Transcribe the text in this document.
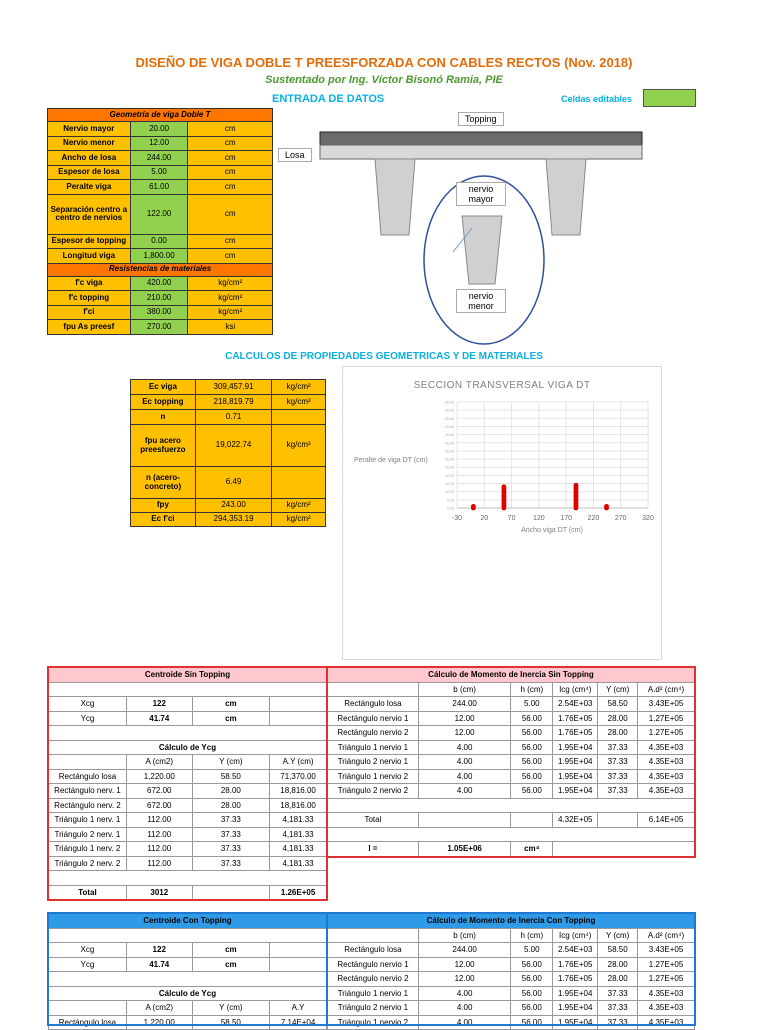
DISEÑO DE VIGA DOBLE T PREESFORZADA CON CABLES RECTOS (Nov. 2018)
Sustentado por Ing. Víctor Bisonó Ramia, PIE
ENTRADA DE DATOS	Celdas editables
Geometría de viga Doble T		
Nervio mayor	20.00	cm
Nervio menor	12.00	cm
Ancho de losa	244.00	cm
Espesor de losa	5.00	cm
Peralte viga	61.00	cm
Separación centro a centro de nervios	122.00	cm
Espesor de topping	0.00	cm
Longitud viga	1,800.00	cm
Resistencias de materiales		
f'c viga	420.00	kg/cm²
f'c topping	210.00	kg/cm²
f'ci	380.00	kg/cm²
fpu As preesf	270.00	ksi
Topping
Losa
nervio mayor
nervio menor
CALCULOS DE PROPIEDADES GEOMETRICAS Y DE MATERIALES
Ec viga	309,457.91	kg/cm²
Ec topping	218,819.79	kg/cm²
n	0.71	
fpu acero preesfuerzo	19,022.74	kg/cm²
n (acero-concreto)	6.49	
fpy	243.00	kg/cm²
Ec f'ci	294,353.19	kg/cm²
SECCION TRANSVERSAL VIGA DT
Peralte de viga DT (cm)
Ancho viga DT (cm)
-30	20	70	120 170 220 270 320
0.00
5.00
10.00
15.00
20.00
25.00
30.00
35.00
40.00
45.00
50.00
55.00
60.00
65.00
Centroide Sin Topping			

Xcg	122	cm	
Ycg	41.74	cm	

Cálculo de Ycg			
	A (cm2)	Y (cm)	A.Y (cm)
Rectángulo losa	1,220.00	58.50	71,370.00
Rectángulo nerv. 1	672.00	28.00	18,816.00
Rectángulo nerv. 2	672.00	28.00	18,816.00
Triángulo 1 nerv. 1	112.00	37.33	4,181.33
Triángulo 2 nerv. 1	112.00	37.33	4,181.33
Triángulo 1 nerv. 2	112.00	37.33	4,181.33
Triángulo 2 nerv. 2	112.00	37.33	4,181.33

Total	3012		1.26E+05
Cálculo de Momento de Inercia Sin Topping					
	b (cm)	h (cm)	Icg (cm⁴)	Y (cm)	A.d² (cm⁴)
Rectángulo losa	244.00	5.00	2.54E+03	58.50	3.43E+05
Rectángulo nervio 1	12.00	56.00	1.76E+05	28.00	1.27E+05
Rectángulo nervio 2	12.00	56.00	1.76E+05	28.00	1.27E+05
Triángulo 1 nervio 1	4.00	56.00	1.95E+04	37.33	4.35E+03
Triángulo 2 nervio 1	4.00	56.00	1.95E+04	37.33	4.35E+03
Triángulo 1 nervio 2	4.00	56.00	1.95E+04	37.33	4.35E+03
Triángulo 2 nervio 2	4.00	56.00	1.95E+04	37.33	4.35E+03

Total			4.32E+05		6.14E+05

I =	1.05E+06	cm⁴			
Centroide Con Topping			

Xcg	122	cm	
Ycg	41.74	cm	

Cálculo de Ycg			
	A (cm2)	Y (cm)	A.Y
Rectángulo losa	1,220.00	58.50	7.14E+04
Cálculo de Momento de Inercia Con Topping					
	b (cm)	h (cm)	Icg (cm⁴)	Y (cm)	A.d² (cm⁴)
Rectángulo losa	244.00	5.00	2.54E+03	58.50	3.43E+05
Rectángulo nervio 1	12.00	56.00	1.76E+05	28.00	1.27E+05
Rectángulo nervio 2	12.00	56.00	1.76E+05	28.00	1.27E+05
Triángulo 1 nervio 1	4.00	56.00	1.95E+04	37.33	4.35E+03
Triángulo 2 nervio 1	4.00	56.00	1.95E+04	37.33	4.35E+03
Triángulo 1 nervio 2	4.00	56.00	1.95E+04	37.33	4.35E+03
